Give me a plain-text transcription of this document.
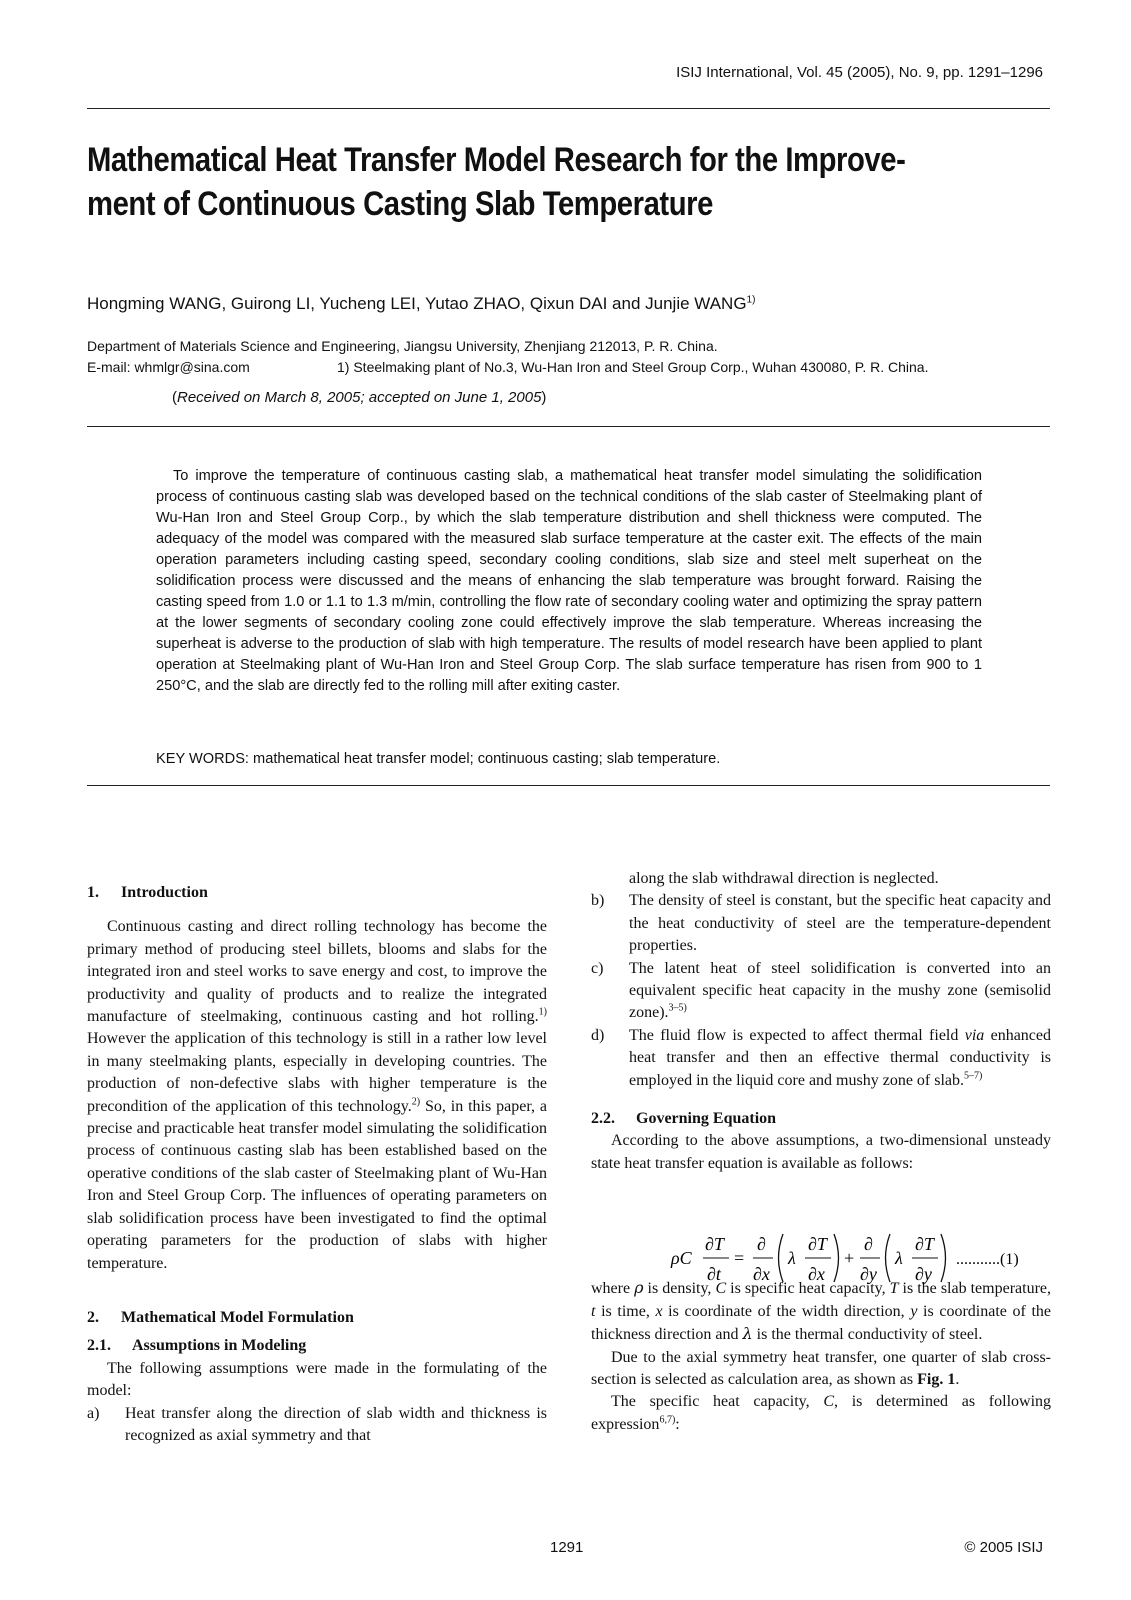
ISIJ International, Vol. 45 (2005), No. 9, pp. 1291–1296
Mathematical Heat Transfer Model Research for the Improve-
ment of Continuous Casting Slab Temperature
Hongming WANG, Guirong LI, Yucheng LEI, Yutao ZHAO, Qixun DAI and Junjie WANG$^{1)}$
Department of Materials Science and Engineering, Jiangsu University, Zhenjiang 212013, P. R. China.
E-mail: whmlgr@sina.com	1) Steelmaking plant of No.3, Wu-Han Iron and Steel Group Corp., Wuhan 430080, P. R. China.
(Received on March 8, 2005; accepted on June 1, 2005)
To improve the temperature of continuous casting slab, a mathematical heat transfer model simulating the solidification process of continuous casting slab was developed based on the technical conditions of the slab caster of Steelmaking plant of Wu-Han Iron and Steel Group Corp., by which the slab temperature distribution and shell thickness were computed. The adequacy of the model was compared with the measured slab surface temperature at the caster exit. The effects of the main operation parameters including casting speed, secondary cooling conditions, slab size and steel melt superheat on the solidification process were discussed and the means of enhancing the slab temperature was brought forward. Raising the casting speed from 1.0 or 1.1 to 1.3 m/min, controlling the flow rate of secondary cooling water and optimizing the spray pattern at the lower segments of secondary cooling zone could effectively improve the slab temperature. Whereas increasing the superheat is adverse to the production of slab with high temperature. The results of model research have been applied to plant operation at Steelmaking plant of Wu-Han Iron and Steel Group Corp. The slab surface temperature has risen from 900 to 1 250°C, and the slab are directly fed to the rolling mill after exiting caster.
KEY WORDS: mathematical heat transfer model; continuous casting; slab temperature.

1. Introduction

Continuous casting and direct rolling technology has become the primary method of producing steel billets, blooms and slabs for the integrated iron and steel works to save energy and cost, to improve the productivity and quality of products and to realize the integrated manufacture of steelmaking, continuous casting and hot rolling.$^{1)}$ However the application of this technology is still in a rather low level in many steelmaking plants, especially in developing countries. The production of non-defective slabs with higher temperature is the precondition of the application of this technology.$^{2)}$ So, in this paper, a precise and practicable heat transfer model simulating the solidification process of continuous casting slab has been established based on the operative conditions of the slab caster of Steelmaking plant of Wu-Han Iron and Steel Group Corp. The influences of operating parameters on slab solidification process have been investigated to find the optimal operating parameters for the production of slabs with higher temperature.

2. Mathematical Model Formulation

2.1. Assumptions in Modeling

The following assumptions were made in the formulating of the model:

a) Heat transfer along the direction of slab width and thickness is recognized as axial symmetry and that
along the slab withdrawal direction is neglected.
b) The density of steel is constant, but the specific heat capacity and the heat conductivity of steel are the temperature-dependent properties.
c) The latent heat of steel solidification is converted into an equivalent specific heat capacity in the mushy zone (semisolid zone).$^{3-5)}$
d) The fluid flow is expected to affect thermal field via enhanced heat transfer and then an effective thermal conductivity is employed in the liquid core and mushy zone of slab.$^{5-7)}$

2.2. Governing Equation

According to the above assumptions, a two-dimensional unsteady state heat transfer equation is available as follows:

where ρ is density, C is specific heat capacity, T is the slab temperature, t is time, x is coordinate of the width direction, y is coordinate of the thickness direction and λ is the thermal conductivity of steel.

Due to the axial symmetry heat transfer, one quarter of slab cross-section is selected as calculation area, as shown as Fig. 1.

The specific heat capacity, C, is determined as following expression$^{6,7)}$:

ρC
∂T
∂t
=
∂
∂x
λ
∂T
∂x
+
∂
∂y
λ
∂T
∂y
...........(1)
1291	© 2005 ISIJ
